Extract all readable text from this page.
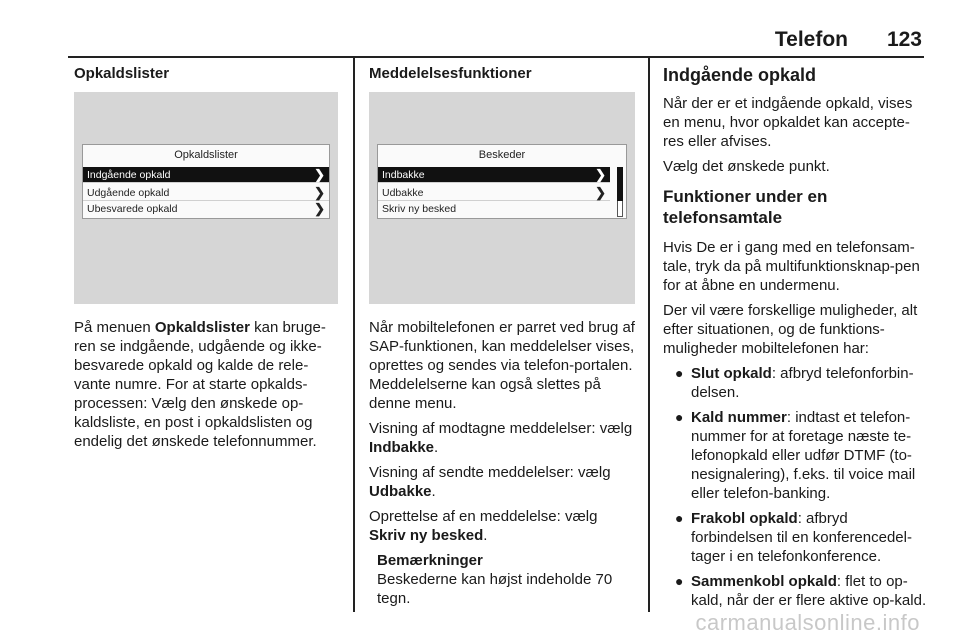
Telefon 123
Opkaldslister
Opkaldslister
Indgående opkald	❯
Udgående opkald	❯
Ubesvarede opkald	❯

På menuen Opkaldslister kan bruge-ren se indgående, udgående og ikke-besvarede opkald og kalde de rele-vante numre. For at starte opkalds-processen: Vælg den ønskede op-kaldsliste, en post i opkaldslisten og endelig det ønskede telefonnummer.

Meddelelsesfunktioner
Beskeder
Indbakke	❯
Udbakke	❯
Skriv ny besked

Når mobiltelefonen er parret ved brug af SAP-funktionen, kan meddelelser vises, oprettes og sendes via telefon-portalen. Meddelelserne kan også slettes på denne menu.

Visning af modtagne meddelelser: vælg Indbakke.

Visning af sendte meddelelser: vælg Udbakke.

Oprettelse af en meddelelse: vælg Skriv ny besked.

Bemærkninger
Beskederne kan højst indeholde 70 tegn.
Indgående opkald

Når der er et indgående opkald, vises en menu, hvor opkaldet kan accepte-res eller afvises.

Vælg det ønskede punkt.

Funktioner under en telefonsamtale

Hvis De er i gang med en telefonsam-tale, tryk da på multifunktionsknap-pen for at åbne en undermenu.

Der vil være forskellige muligheder, alt efter situationen, og de funktions-muligheder mobiltelefonen har:

● Slut opkald: afbryd telefonforbin-delsen.
● Kald nummer: indtast et telefon-nummer for at foretage næste te-lefonopkald eller udfør DTMF (to-nesignalering), f.eks. til voice mail eller telefon-banking.
● Frakobl opkald: afbryd forbindelsen til en konferencedel-tager i en telefonkonference.
● Sammenkobl opkald: flet to op-kald, når der er flere aktive op-kald.
carmanualsonline.info
